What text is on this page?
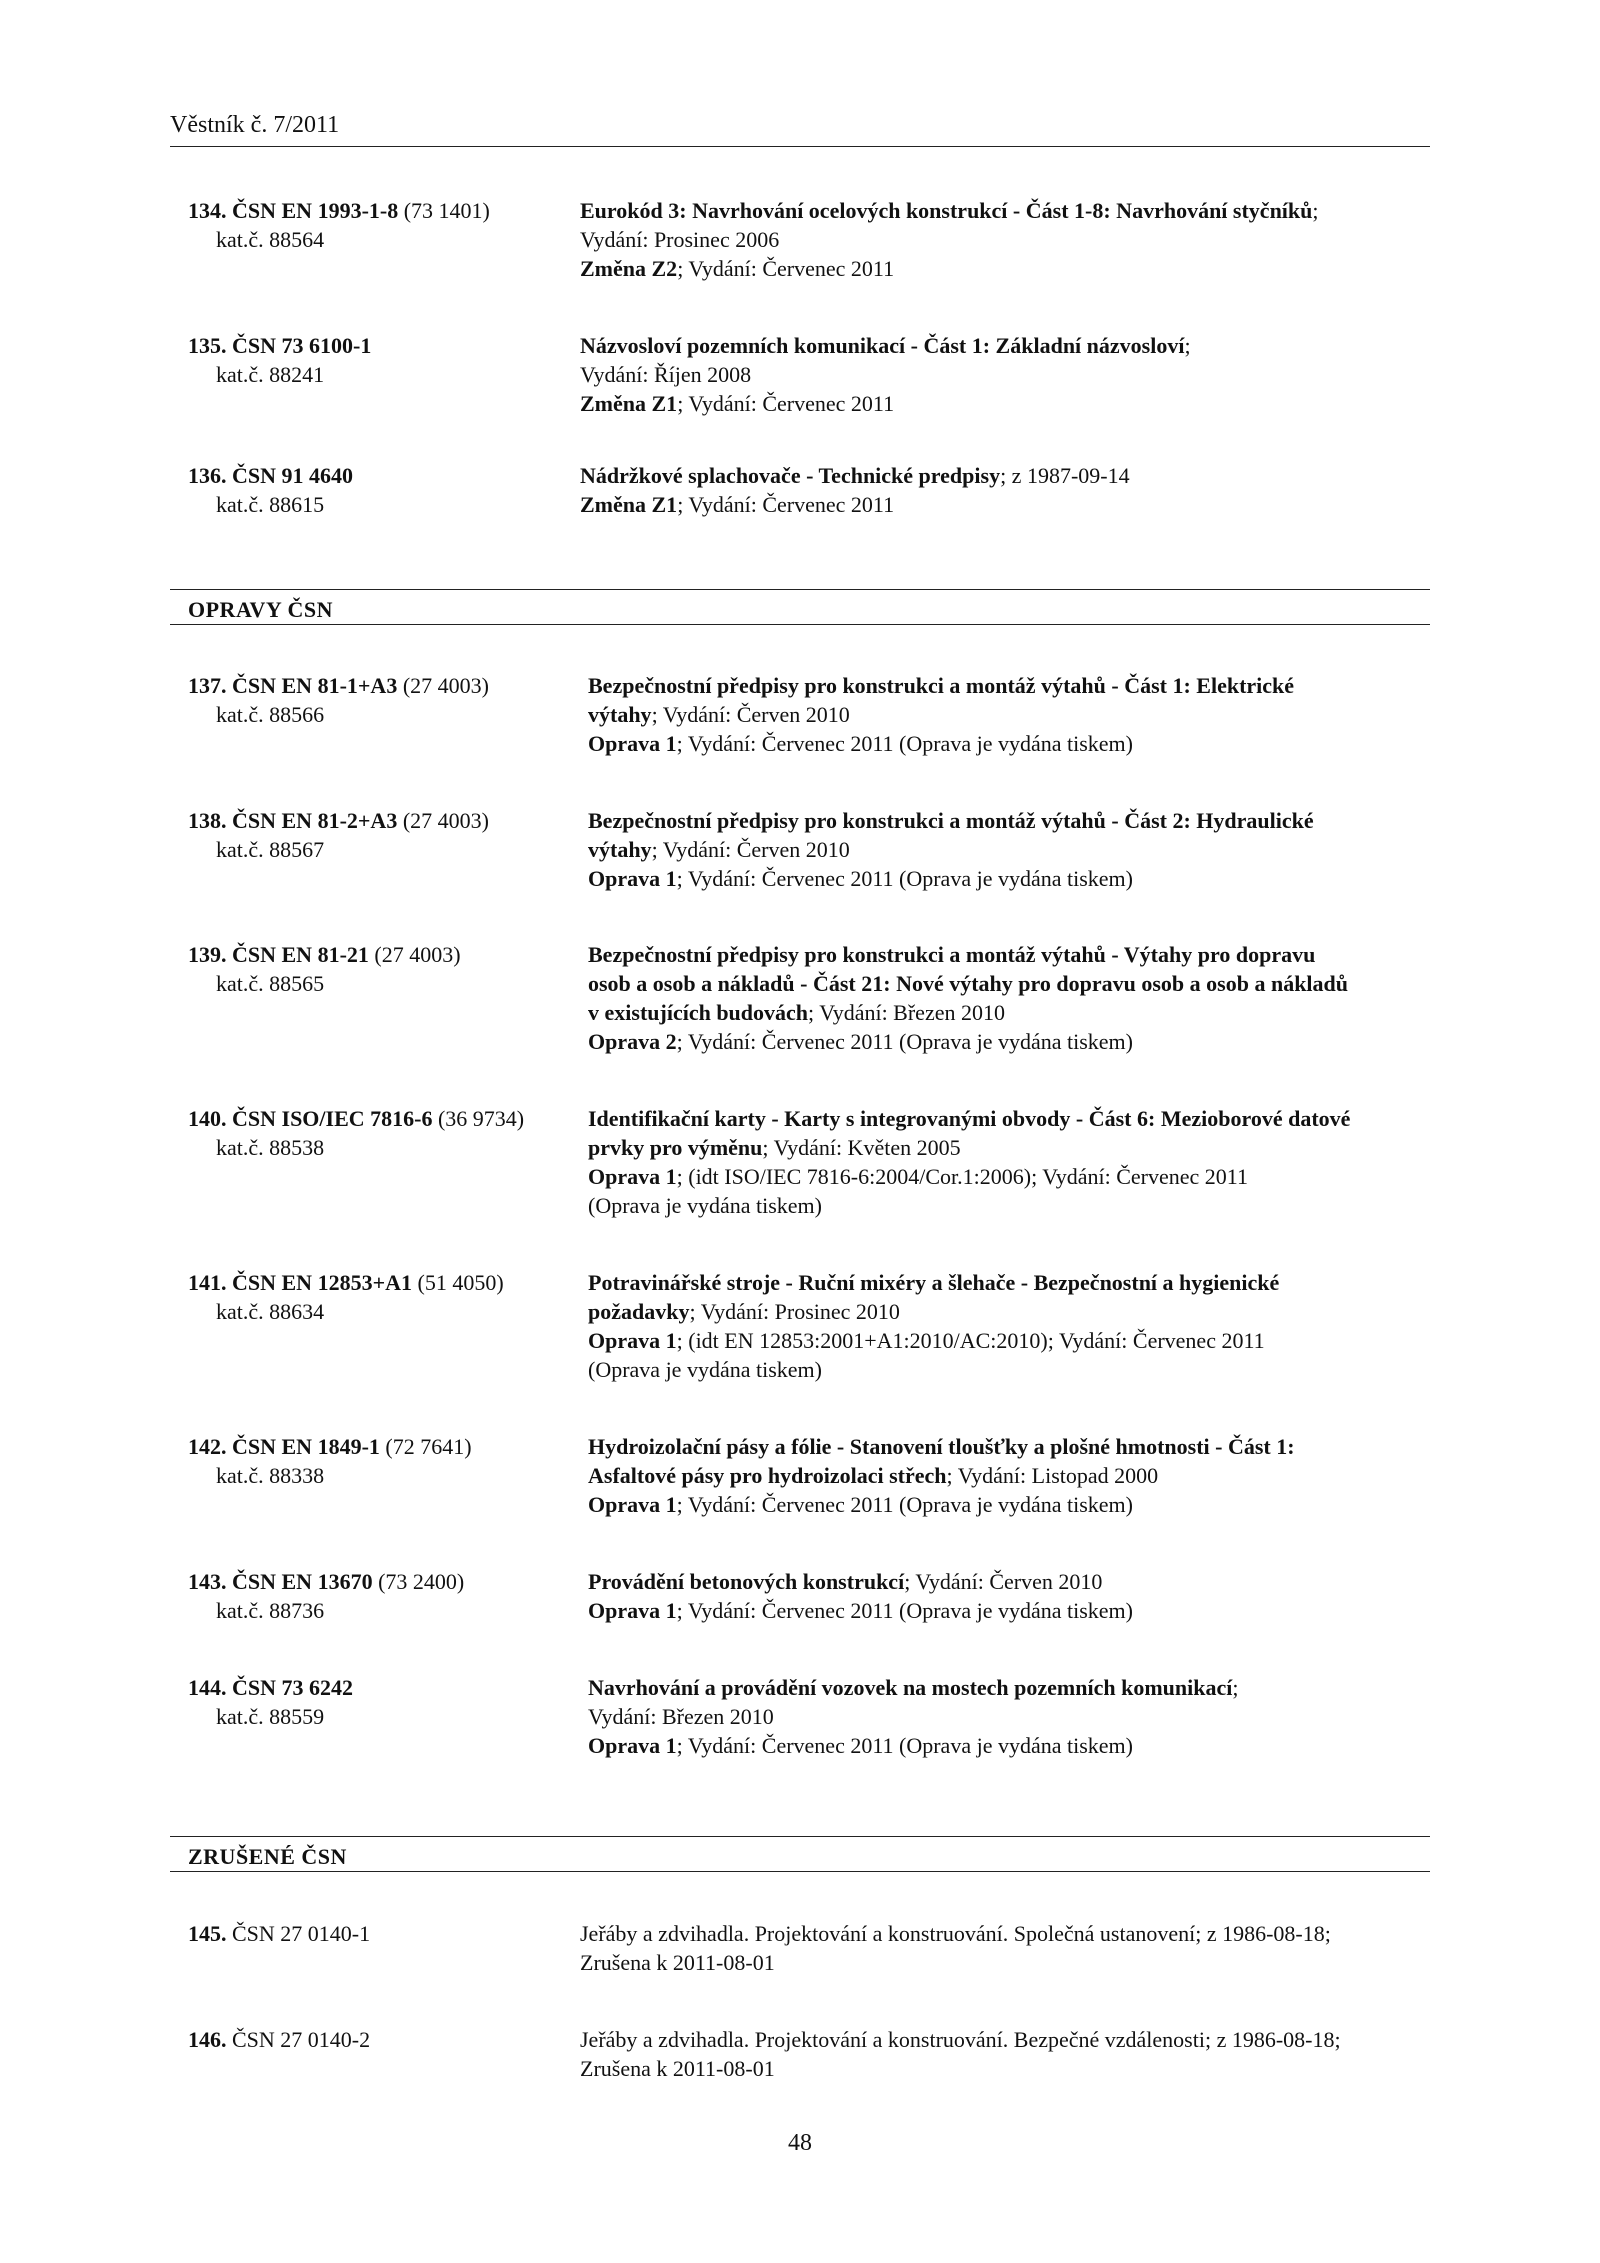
Věstník č. 7/2011
134. ČSN EN 1993-1-8 (73 1401)
kat.č. 88564
Eurokód 3: Navrhování ocelových konstrukcí - Část 1-8: Navrhování styčníků;
Vydání: Prosinec 2006
Změna Z2; Vydání: Červenec 2011
135. ČSN 73 6100-1
kat.č. 88241
Názvosloví pozemních komunikací - Část 1: Základní názvosloví;
Vydání: Říjen 2008
Změna Z1; Vydání: Červenec 2011
136. ČSN 91 4640
kat.č. 88615
Nádržkové splachovače - Technické predpisy; z 1987-09-14
Změna Z1; Vydání: Červenec 2011
OPRAVY ČSN
137. ČSN EN 81-1+A3 (27 4003)
kat.č. 88566
Bezpečnostní předpisy pro konstrukci a montáž výtahů - Část 1: Elektrické
výtahy; Vydání: Červen 2010
Oprava 1; Vydání: Červenec 2011 (Oprava je vydána tiskem)
138. ČSN EN 81-2+A3 (27 4003)
kat.č. 88567
Bezpečnostní předpisy pro konstrukci a montáž výtahů - Část 2: Hydraulické
výtahy; Vydání: Červen 2010
Oprava 1; Vydání: Červenec 2011 (Oprava je vydána tiskem)
139. ČSN EN 81-21 (27 4003)
kat.č. 88565
Bezpečnostní předpisy pro konstrukci a montáž výtahů - Výtahy pro dopravu
osob a osob a nákladů - Část 21: Nové výtahy pro dopravu osob a osob a nákladů
v existujících budovách; Vydání: Březen 2010
Oprava 2; Vydání: Červenec 2011 (Oprava je vydána tiskem)
140. ČSN ISO/IEC 7816-6 (36 9734)
kat.č. 88538
Identifikační karty - Karty s integrovanými obvody - Část 6: Mezioborové datové
prvky pro výměnu; Vydání: Květen 2005
Oprava 1; (idt ISO/IEC 7816-6:2004/Cor.1:2006); Vydání: Červenec 2011
(Oprava je vydána tiskem)
141. ČSN EN 12853+A1 (51 4050)
kat.č. 88634
Potravinářské stroje - Ruční mixéry a šlehače - Bezpečnostní a hygienické
požadavky; Vydání: Prosinec 2010
Oprava 1; (idt EN 12853:2001+A1:2010/AC:2010); Vydání: Červenec 2011
(Oprava je vydána tiskem)
142. ČSN EN 1849-1 (72 7641)
kat.č. 88338
Hydroizolační pásy a fólie - Stanovení tloušťky a plošné hmotnosti - Část 1:
Asfaltové pásy pro hydroizolaci střech; Vydání: Listopad 2000
Oprava 1; Vydání: Červenec 2011 (Oprava je vydána tiskem)
143. ČSN EN 13670 (73 2400)
kat.č. 88736
Provádění betonových konstrukcí; Vydání: Červen 2010
Oprava 1; Vydání: Červenec 2011 (Oprava je vydána tiskem)
144. ČSN 73 6242
kat.č. 88559
Navrhování a provádění vozovek na mostech pozemních komunikací;
Vydání: Březen 2010
Oprava 1; Vydání: Červenec 2011 (Oprava je vydána tiskem)
ZRUŠENÉ ČSN
145. ČSN 27 0140-1	Jeřáby a zdvihadla. Projektování a konstruování. Společná ustanovení; z 1986-08-18;
Zrušena k 2011-08-01
146. ČSN 27 0140-2	Jeřáby a zdvihadla. Projektování a konstruování. Bezpečné vzdálenosti; z 1986-08-18;
Zrušena k 2011-08-01
48
